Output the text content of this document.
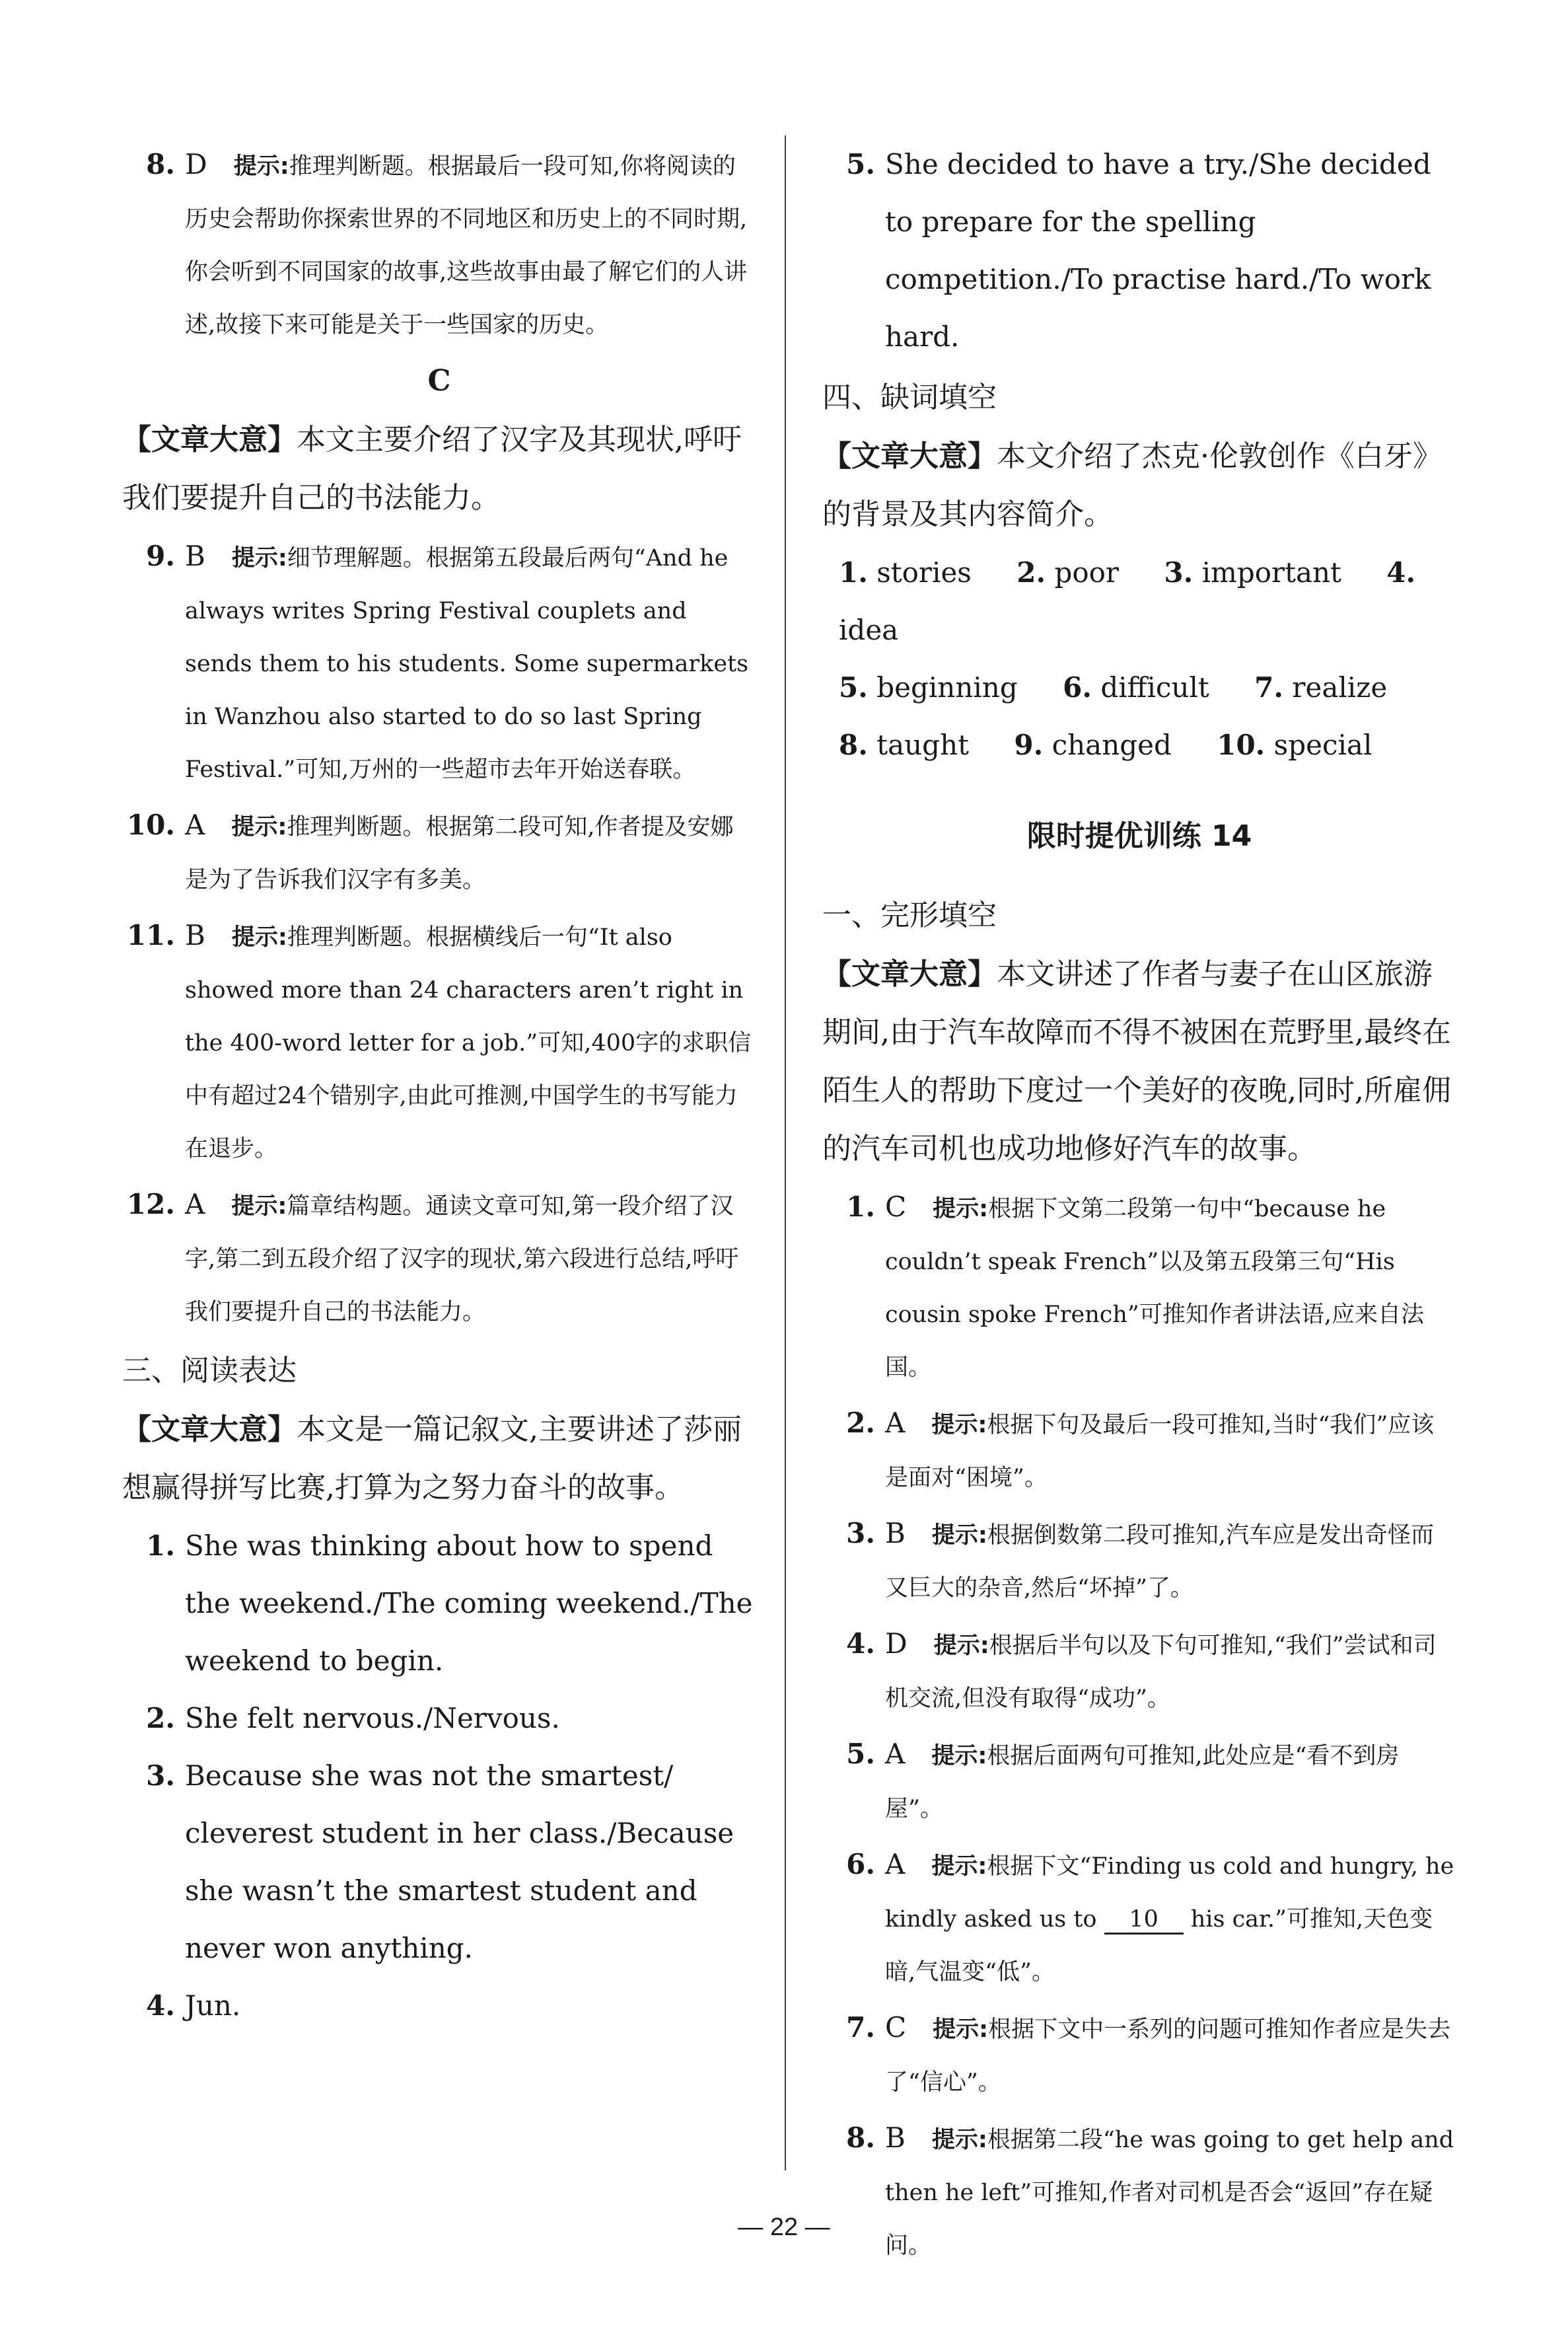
8. D 提示:推理判断题。根据最后一段可知,你将阅读的历史会帮助你探索世界的不同地区和历史上的不同时期,你会听到不同国家的故事,这些故事由最了解它们的人讲述,故接下来可能是关于一些国家的历史。
C
【文章大意】本文主要介绍了汉字及其现状,呼吁我们要提升自己的书法能力。
9. B 提示:细节理解题。根据第五段最后两句“And he always writes Spring Festival couplets and sends them to his students. Some supermarkets in Wanzhou also started to do so last Spring Festival.”可知,万州的一些超市去年开始送春联。
10. A 提示:推理判断题。根据第二段可知,作者提及安娜是为了告诉我们汉字有多美。
11. B 提示:推理判断题。根据横线后一句“It also showed more than 24 characters aren’t right in the 400-word letter for a job.”可知,400字的求职信中有超过24个错别字,由此可推测,中国学生的书写能力在退步。
12. A 提示:篇章结构题。通读文章可知,第一段介绍了汉字,第二到五段介绍了汉字的现状,第六段进行总结,呼吁我们要提升自己的书法能力。
三、阅读表达
【文章大意】本文是一篇记叙文,主要讲述了莎丽想赢得拼写比赛,打算为之努力奋斗的故事。
1. She was thinking about how to spend the weekend./The coming weekend./The weekend to begin.
2. She felt nervous./Nervous.
3. Because she was not the smartest/ cleverest student in her class./Because she wasn’t the smartest student and never won anything.
4. Jun.
5. She decided to have a try./She decided to prepare for the spelling competition./To practise hard./To work hard.
四、缺词填空
【文章大意】本文介绍了杰克·伦敦创作《白牙》的背景及其内容简介。
1. stories 2. poor 3. important 4. idea
5. beginning 6. difficult 7. realize
8. taught 9. changed 10. special
限时提优训练 14
一、完形填空
【文章大意】本文讲述了作者与妻子在山区旅游期间,由于汽车故障而不得不被困在荒野里,最终在陌生人的帮助下度过一个美好的夜晚,同时,所雇佣的汽车司机也成功地修好汽车的故事。
1. C 提示:根据下文第二段第一句中“because he couldn’t speak French”以及第五段第三句“His cousin spoke French”可推知作者讲法语,应来自法国。
2. A 提示:根据下句及最后一段可推知,当时“我们”应该是面对“困境”。
3. B 提示:根据倒数第二段可推知,汽车应是发出奇怪而又巨大的杂音,然后“坏掉”了。
4. D 提示:根据后半句以及下句可推知,“我们”尝试和司机交流,但没有取得“成功”。
5. A 提示:根据后面两句可推知,此处应是“看不到房屋”。
6. A 提示:根据下文“Finding us cold and hungry, he kindly asked us to 10 his car.”可推知,天色变暗,气温变“低”。
7. C 提示:根据下文中一系列的问题可推知作者应是失去了“信心”。
8. B 提示:根据第二段“he was going to get help and then he left”可推知,作者对司机是否会“返回”存在疑问。
— 22 —
